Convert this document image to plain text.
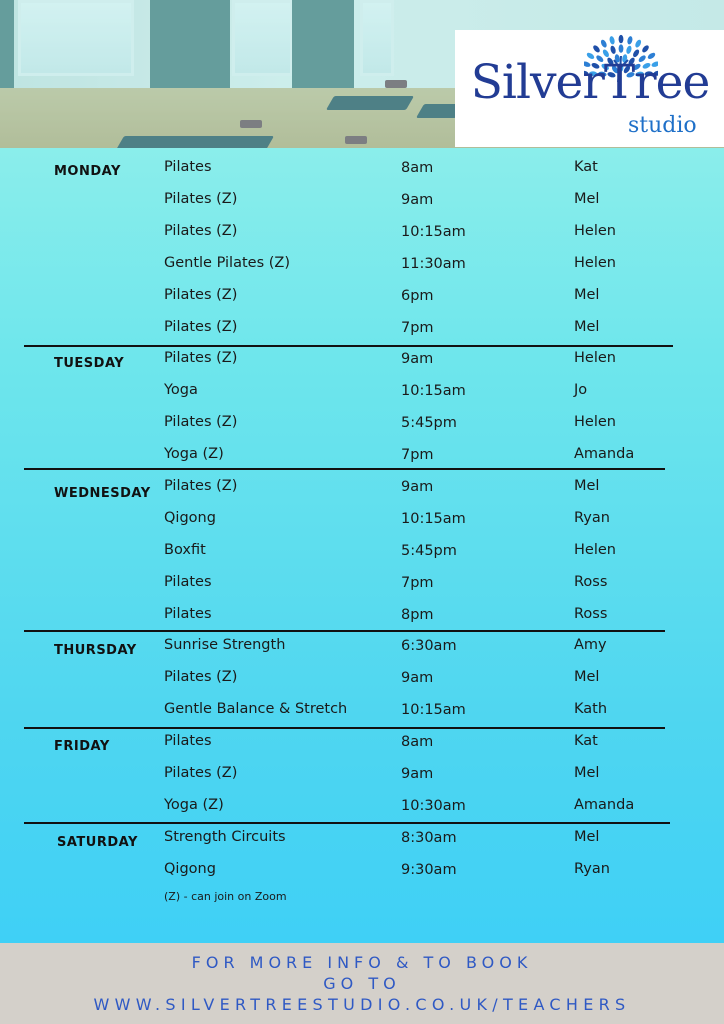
SilverTree
studio
MONDAY	Pilates	8am	Kat
Pilates (Z)	9am	Mel
Pilates (Z)	10:15am	Helen
Gentle Pilates (Z)	11:30am	Helen
Pilates (Z)	6pm	Mel
Pilates (Z)	7pm	Mel
TUESDAY	Pilates (Z)	9am	Helen
Yoga	10:15am	Jo
Pilates (Z)	5:45pm	Helen
Yoga (Z)	7pm	Amanda
WEDNESDAY Pilates (Z)	9am	Mel
Qigong	10:15am	Ryan
Boxfit	5:45pm	Helen
Pilates	7pm	Ross
Pilates	8pm	Ross
THURSDAY Sunrise Strength	6:30am	Amy
Pilates (Z)	9am	Mel
Gentle Balance & Stretch	10:15am	Kath
FRIDAY	Pilates	8am	Kat
Pilates (Z)	9am	Mel
Yoga (Z)	10:30am	Amanda
SATURDAY Strength Circuits	8:30am	Mel
Qigong	9:30am	Ryan
(Z) - can join on Zoom
FOR MORE INFO & TO BOOK
GO TO
WWW.SILVERTREESTUDIO.CO.UK/TEACHERS
